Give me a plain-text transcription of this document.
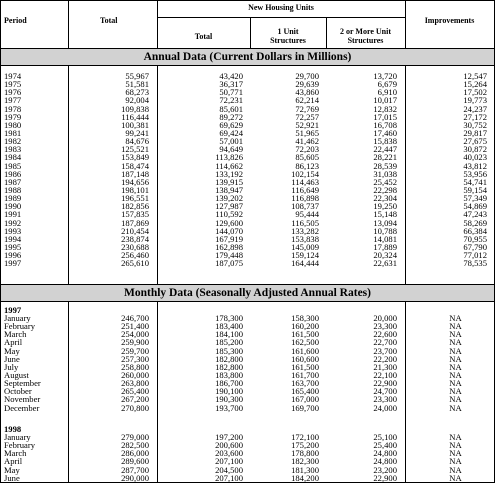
Period	Total
New Housing Units
Total
1 Unit
Structures
2 or More Unit
Structures
Improvements
Annual Data (Current Dollars in Millions)
1974
1975
1976
1977
1978
1979
1980
1981
1982
1983
1984
1985
1986
1987
1988
1989
1990
1991
1992
1993
1994
1995
1996
1997
55,967
51,581
68,273
92,004
109,838
116,444
100,381
99,241
84,676
125,521
153,849
158,474
187,148
194,656
198,101
196,551
182,856
157,835
187,869
210,454
238,874
230,688
256,460
265,610
43,420
36,317
50,771
72,231
85,601
89,272
69,629
69,424
57,001
94,649
113,826
114,662
133,192
139,915
138,947
139,202
127,987
110,592
129,600
144,070
167,919
162,898
179,448
187,075
29,700
29,639
43,860
62,214
72,769
72,257
52,921
51,965
41,462
72,203
85,605
86,123
102,154
114,463
116,649
116,898
108,737
95,444
116,505
133,282
153,838
145,009
159,124
164,444
13,720
6,679
6,910
10,017
12,832
17,015
16,708
17,460
15,838
22,447
28,221
28,539
31,038
25,452
22,298
22,304
19,250
15,148
13,094
10,788
14,081
17,889
20,324
22,631
12,547
15,264
17,502
19,773
24,237
27,172
30,752
29,817
27,675
30,872
40,023
43,812
53,956
54,741
59,154
57,349
54,869
47,243
58,269
66,384
70,955
67,790
77,012
78,535
Monthly Data (Seasonally Adjusted Annual Rates)
1997
January
February
March
April
May
June
July
August
September
October
November
December
246,700
251,400
254,000
259,900
259,700
257,300
258,800
260,000
263,800
265,400
267,200
270,800
178,300
183,400
184,100
185,200
185,300
182,800
182,800
183,800
186,700
190,100
190,300
193,700
158,300
160,200
161,500
162,500
161,600
160,600
161,500
161,700
163,700
165,400
167,000
169,700
20,000
23,300
22,600
22,700
23,700
22,200
21,300
22,100
22,900
24,700
23,300
24,000
NA
NA
NA
NA
NA
NA
NA
NA
NA
NA
NA
NA
1998
January
February
March
April
May
June
279,000
282,500
286,000
289,600
287,700
290,000
197,200
200,600
203,600
207,100
204,500
207,100
172,100
175,200
178,800
182,300
181,300
184,200
25,100
25,400
24,800
24,800
23,200
22,900
NA
NA
NA
NA
NA
NA
